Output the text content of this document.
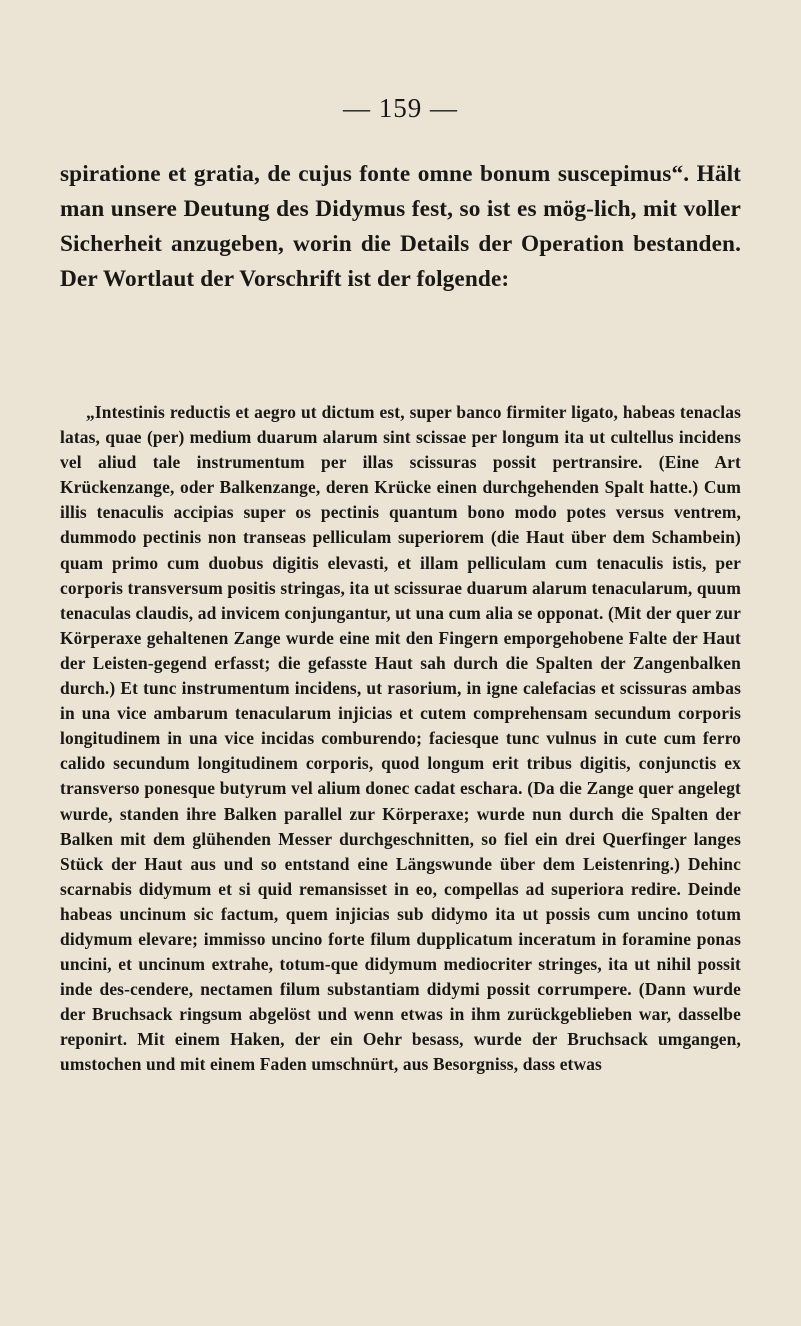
— 159 —

spiratione et gratia, de cujus fonte omne bonum suscepimus“. Hält man unsere Deutung des Didymus fest, so ist es mög-lich, mit voller Sicherheit anzugeben, worin die Details der Operation bestanden. Der Wortlaut der Vorschrift ist der folgende:

„Intestinis reductis et aegro ut dictum est, super banco firmiter ligato, habeas tenaclas latas, quae (per) medium duarum alarum sint scissae per longum ita ut cultellus incidens vel aliud tale instrumentum per illas scissuras possit pertransire. (Eine Art Krückenzange, oder Balkenzange, deren Krücke einen durchgehenden Spalt hatte.) Cum illis tenaculis accipias super os pectinis quantum bono modo potes versus ventrem, dummodo pectinis non transeas pelliculam superiorem (die Haut über dem Schambein) quam primo cum duobus digitis elevasti, et illam pelliculam cum tenaculis istis, per corporis transversum positis stringas, ita ut scissurae duarum alarum tenacularum, quum tenaculas claudis, ad invicem conjungantur, ut una cum alia se opponat. (Mit der quer zur Körperaxe gehaltenen Zange wurde eine mit den Fingern emporgehobene Falte der Haut der Leisten-gegend erfasst; die gefasste Haut sah durch die Spalten der Zangenbalken durch.) Et tunc instrumentum incidens, ut rasorium, in igne calefacias et scissuras ambas in una vice ambarum tenacularum injicias et cutem comprehensam secundum corporis longitudinem in una vice incidas comburendo; faciesque tunc vulnus in cute cum ferro calido secundum longitudinem corporis, quod longum erit tribus digitis, conjunctis ex transverso ponesque butyrum vel alium donec cadat eschara. (Da die Zange quer angelegt wurde, standen ihre Balken parallel zur Körperaxe; wurde nun durch die Spalten der Balken mit dem glühenden Messer durchgeschnitten, so fiel ein drei Querfinger langes Stück der Haut aus und so entstand eine Längswunde über dem Leistenring.) Dehinc scarnabis didymum et si quid remansisset in eo, compellas ad superiora redire. Deinde habeas uncinum sic factum, quem injicias sub didymo ita ut possis cum uncino totum didymum elevare; immisso uncino forte filum dupplicatum inceratum in foramine ponas uncini, et uncinum extrahe, totum-que didymum mediocriter stringes, ita ut nihil possit inde des-cendere, nectamen filum substantiam didymi possit corrumpere. (Dann wurde der Bruchsack ringsum abgelöst und wenn etwas in ihm zurückgeblieben war, dasselbe reponirt. Mit einem Haken, der ein Oehr besass, wurde der Bruchsack umgangen, umstochen und mit einem Faden umschnürt, aus Besorgniss, dass etwas
